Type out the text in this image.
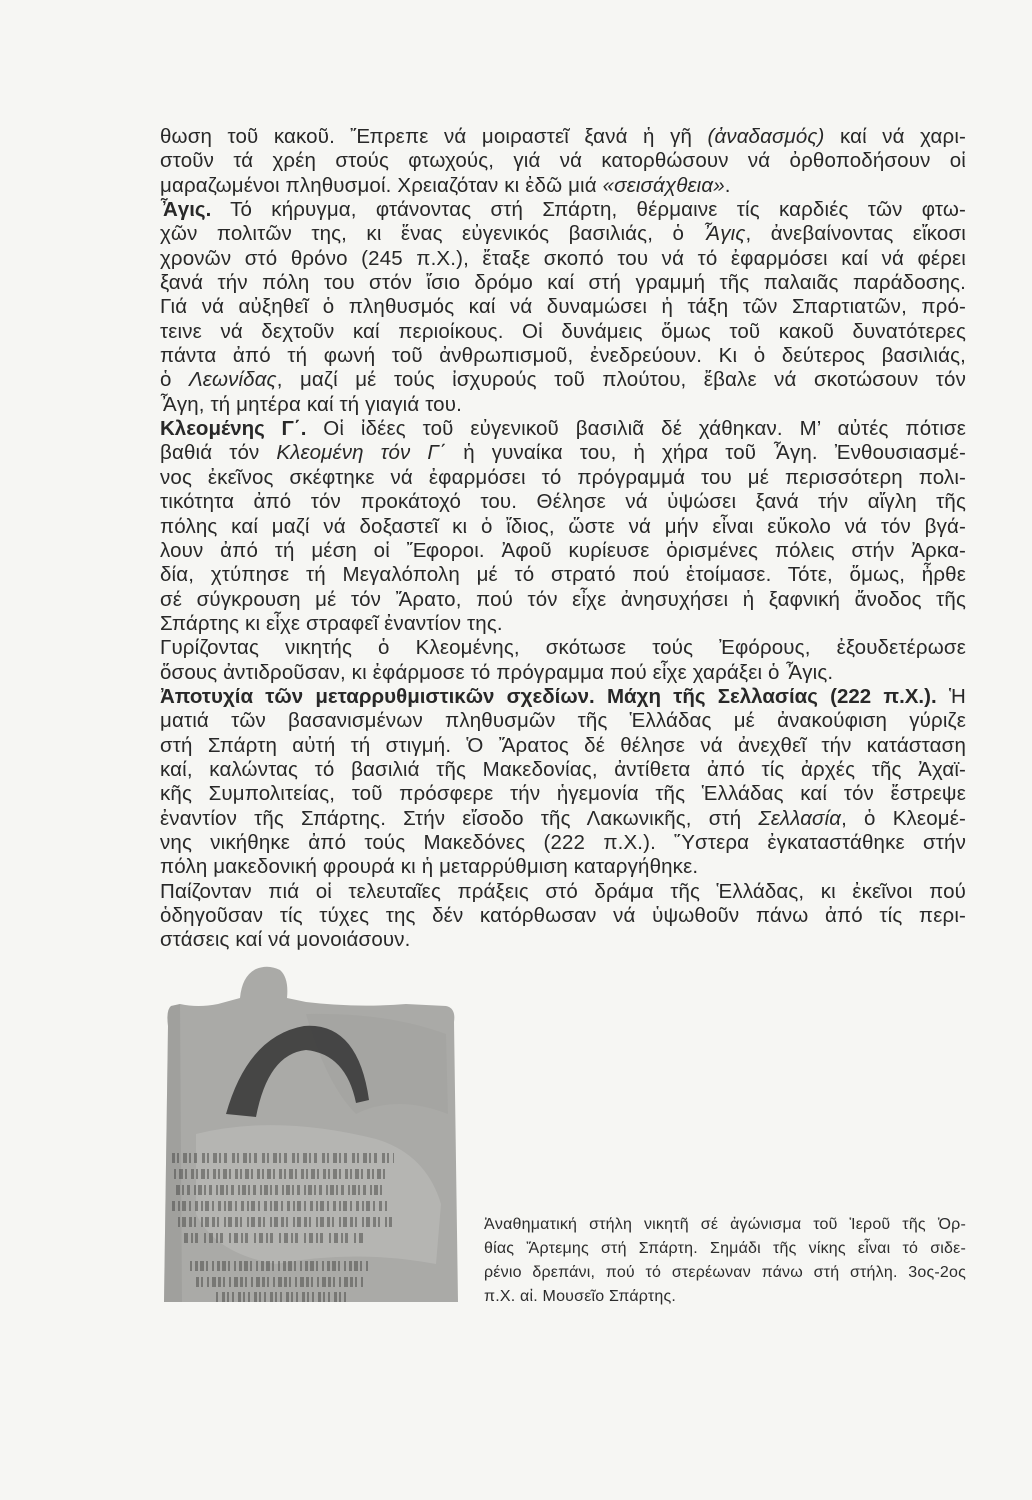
θωση τοῦ κακοῦ. Ἔπρεπε νά μοιραστεῖ ξανά ἡ γῆ (ἀναδασμός) καί νά χαρι-
στοῦν τά χρέη στούς φτωχούς, γιά νά κατορθώσουν νά ὀρθοποδήσουν οἱ
μαραζωμένοι πληθυσμοί. Χρειαζόταν κι ἐδῶ μιά «σεισάχθεια».
Ἆγις. Τό κήρυγμα, φτάνοντας στή Σπάρτη, θέρμαινε τίς καρδιές τῶν φτω-
χῶν πολιτῶν της, κι ἕνας εὐγενικός βασιλιάς, ὁ Ἆγις, ἀνεβαίνοντας εἴκοσι
χρονῶν στό θρόνο (245 π.Χ.), ἔταξε σκοπό του νά τό ἐφαρμόσει καί νά φέρει
ξανά τήν πόλη του στόν ἴσιο δρόμο καί στή γραμμή τῆς παλαιᾶς παράδοσης.
Γιά νά αὐξηθεῖ ὁ πληθυσμός καί νά δυναμώσει ἡ τάξη τῶν Σπαρτιατῶν, πρό-
τεινε νά δεχτοῦν καί περιοίκους. Οἱ δυνάμεις ὅμως τοῦ κακοῦ δυνατότερες
πάντα ἀπό τή φωνή τοῦ ἀνθρωπισμοῦ, ἐνεδρεύουν. Κι ὁ δεύτερος βασιλιάς,
ὁ Λεωνίδας, μαζί μέ τούς ἰσχυρούς τοῦ πλούτου, ἔβαλε νά σκοτώσουν τόν
Ἆγη, τή μητέρα καί τή γιαγιά του.
Κλεομένης Γ΄. Οἱ ἰδέες τοῦ εὐγενικοῦ βασιλιᾶ δέ χάθηκαν. Μ’ αὐτές πότισε
βαθιά τόν Κλεομένη τόν Γ΄ ἡ γυναίκα του, ἡ χήρα τοῦ Ἆγη. Ἐνθουσιασμέ-
νος ἐκεῖνος σκέφτηκε νά ἐφαρμόσει τό πρόγραμμά του μέ περισσότερη πολι-
τικότητα ἀπό τόν προκάτοχό του. Θέλησε νά ὑψώσει ξανά τήν αἴγλη τῆς
πόλης καί μαζί νά δοξαστεῖ κι ὁ ἴδιος, ὥστε νά μήν εἶναι εὔκολο νά τόν βγά-
λουν ἀπό τή μέση οἱ Ἔφοροι. Ἀφοῦ κυρίευσε ὁρισμένες πόλεις στήν Ἀρκα-
δία, χτύπησε τή Μεγαλόπολη μέ τό στρατό πού ἑτοίμασε. Τότε, ὅμως, ἦρθε
σέ σύγκρουση μέ τόν Ἄρατο, πού τόν εἶχε ἀνησυχήσει ἡ ξαφνική ἄνοδος τῆς
Σπάρτης κι εἶχε στραφεῖ ἐναντίον της.
Γυρίζοντας νικητής ὁ Κλεομένης, σκότωσε τούς Ἐφόρους, ἐξουδετέρωσε
ὅσους ἀντιδροῦσαν, κι ἐφάρμοσε τό πρόγραμμα πού εἶχε χαράξει ὁ Ἆγις.
Ἀποτυχία τῶν μεταρρυθμιστικῶν σχεδίων. Μάχη τῆς Σελλασίας (222 π.Χ.). Ἡ
ματιά τῶν βασανισμένων πληθυσμῶν τῆς Ἑλλάδας μέ ἀνακούφιση γύριζε
στή Σπάρτη αὐτή τή στιγμή. Ὁ Ἄρατος δέ θέλησε νά ἀνεχθεῖ τήν κατάσταση
καί, καλώντας τό βασιλιά τῆς Μακεδονίας, ἀντίθετα ἀπό τίς ἀρχές τῆς Ἀχαϊ-
κῆς Συμπολιτείας, τοῦ πρόσφερε τήν ἡγεμονία τῆς Ἑλλάδας καί τόν ἔστρεψε
ἐναντίον τῆς Σπάρτης. Στήν εἴσοδο τῆς Λακωνικῆς, στή Σελλασία, ὁ Κλεομέ-
νης νικήθηκε ἀπό τούς Μακεδόνες (222 π.Χ.). Ὕστερα ἐγκαταστάθηκε στήν
πόλη μακεδονική φρουρά κι ἡ μεταρρύθμιση καταργήθηκε.
Παίζονταν πιά οἱ τελευταῖες πράξεις στό δράμα τῆς Ἑλλάδας, κι ἐκεῖνοι πού
ὁδηγοῦσαν τίς τύχες της δέν κατόρθωσαν νά ὑψωθοῦν πάνω ἀπό τίς περι-
στάσεις καί νά μονοιάσουν.
Ἀναθηματική στήλη νικητῆ σέ ἀγώνισμα τοῦ Ἱεροῦ τῆς Ὀρ-
θίας Ἄρτεμης στή Σπάρτη. Σημάδι τῆς νίκης εἶναι τό σιδε-
ρένιο δρεπάνι, πού τό στερέωναν πάνω στή στήλη. 3ος-2ος
π.Χ. αἰ. Μουσεῖο Σπάρτης.
